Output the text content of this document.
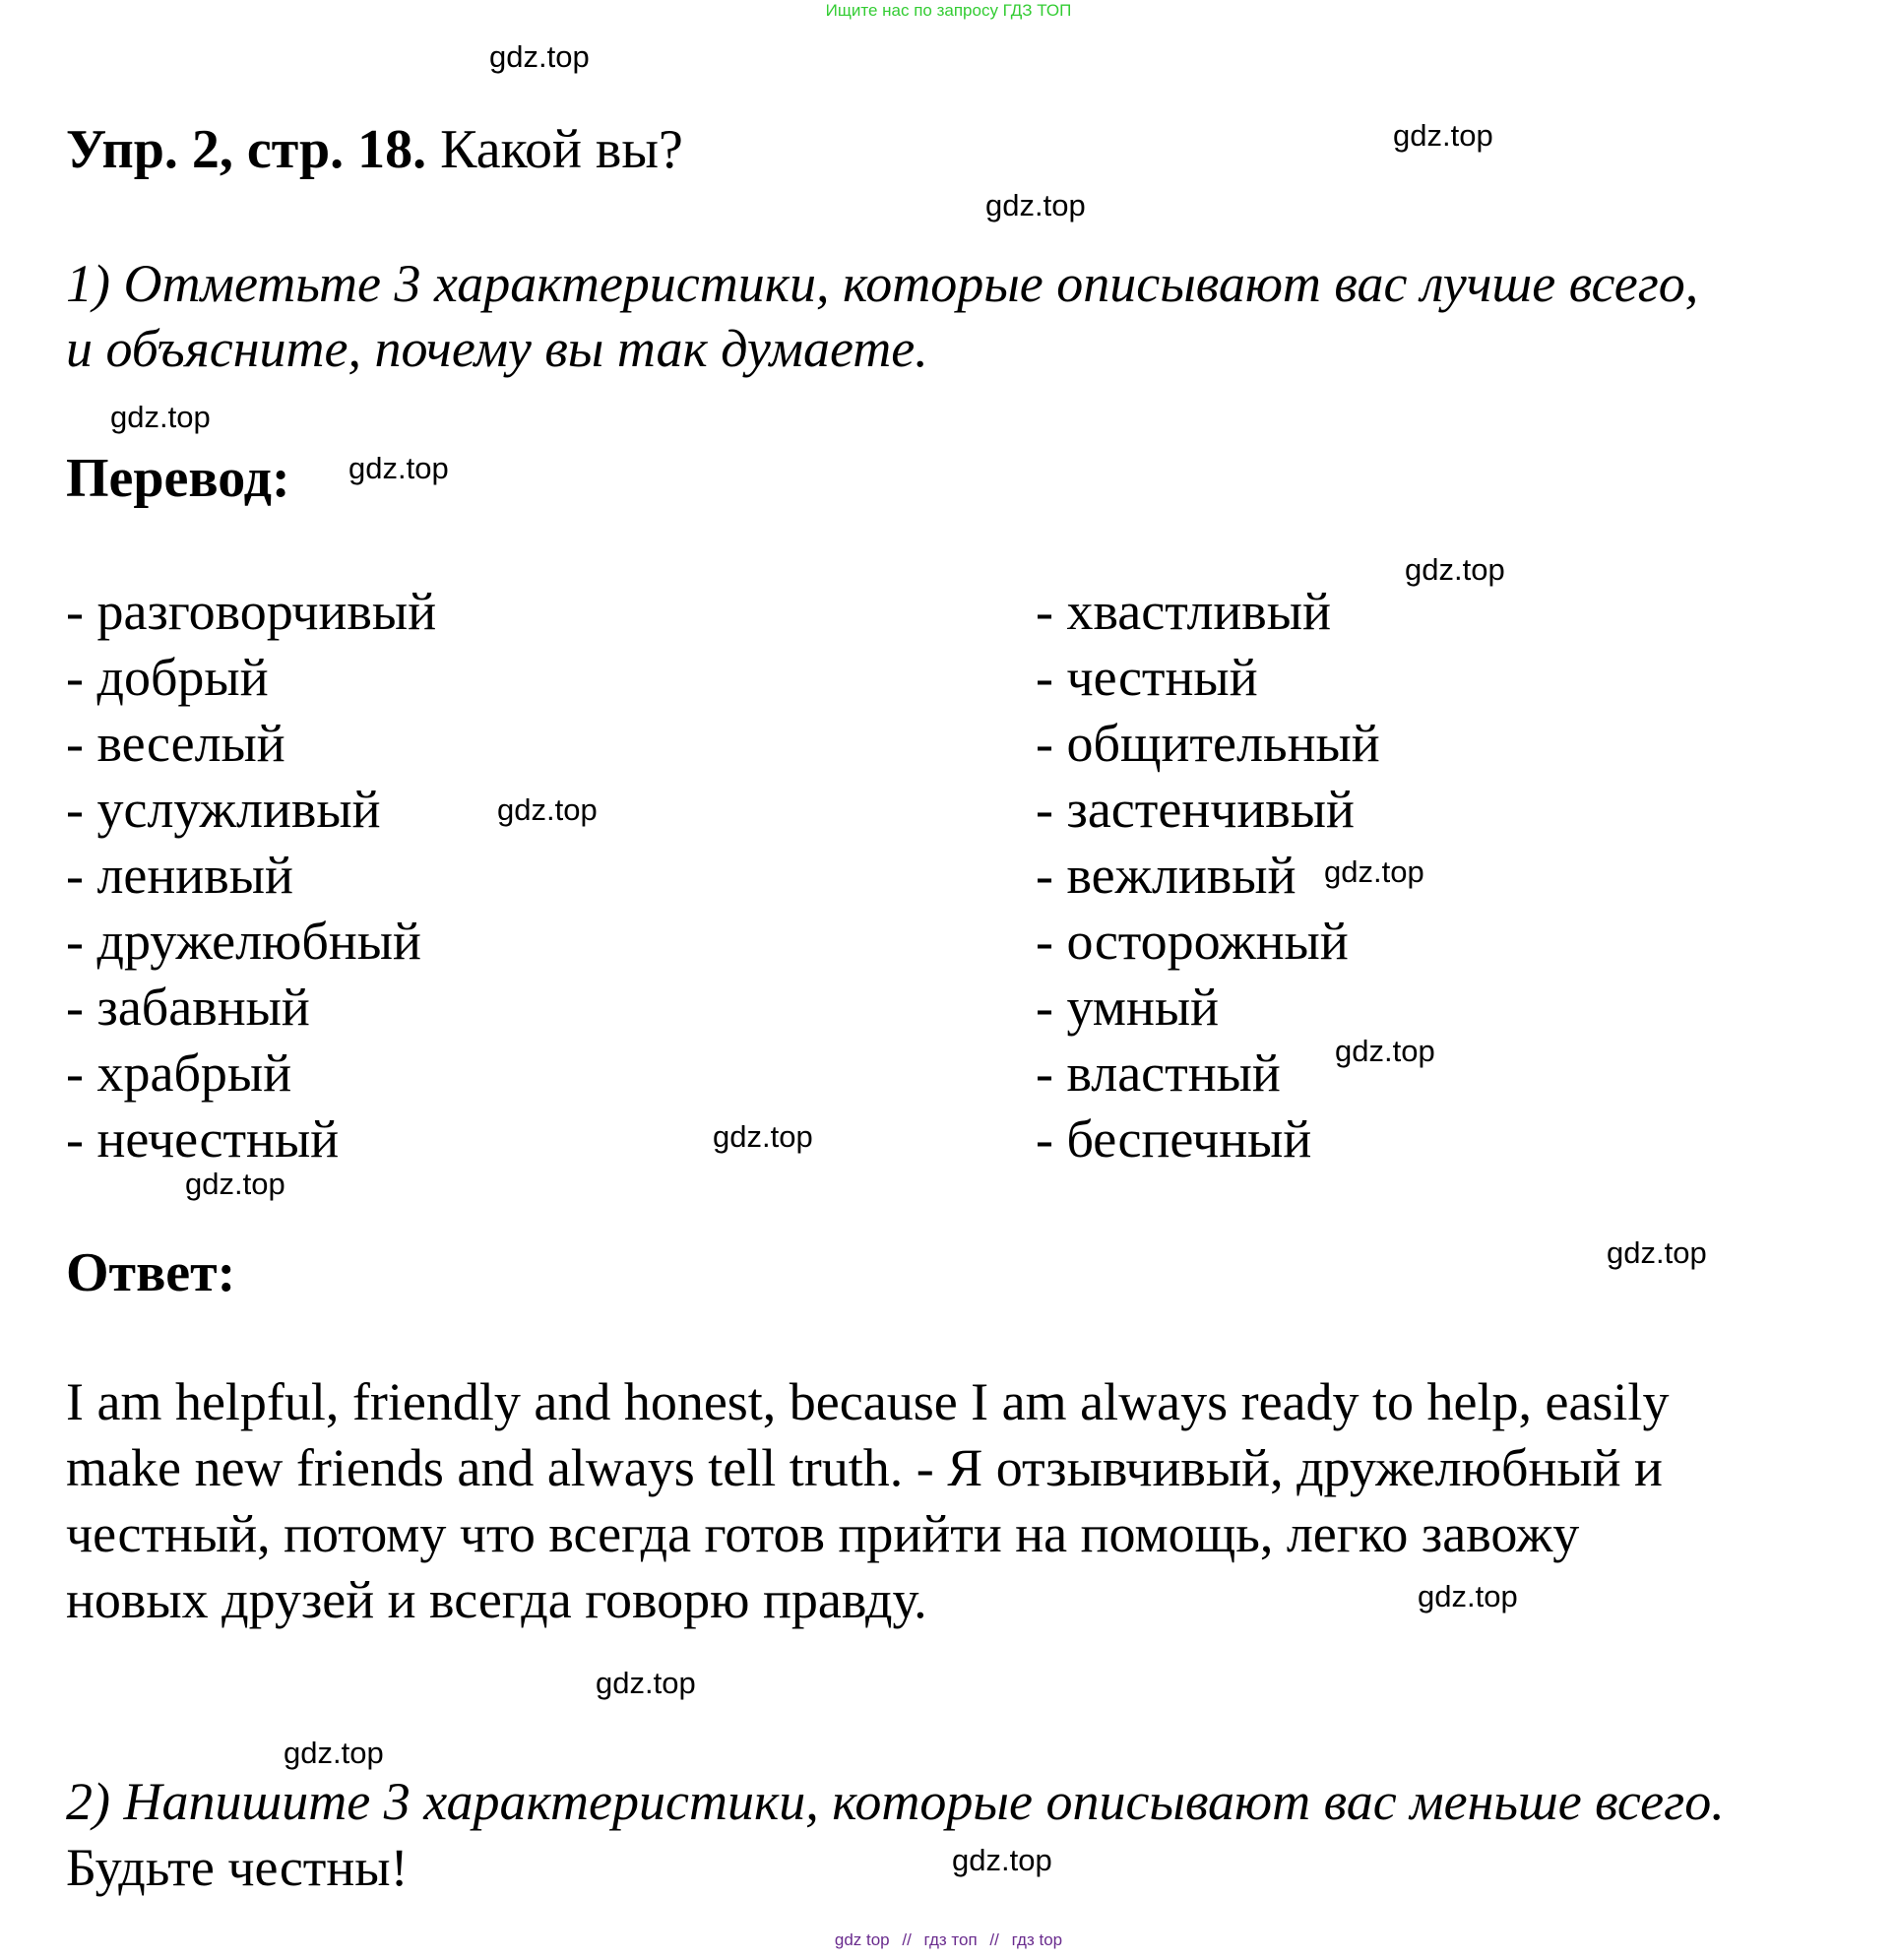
Ищите нас по запросу ГДЗ ТОП
gdz.top
gdz.top
gdz.top
gdz.top
gdz.top
gdz.top
gdz.top
gdz.top
gdz.top
gdz.top
gdz.top
gdz.top
gdz.top
gdz.top
gdz.top
gdz.top
Упр. 2, стр. 18. Какой вы?
1) Отметьте 3 характеристики, которые описывают вас лучше всего,
и объясните, почему вы так думаете.
Перевод:
- разговорчивый
- добрый
- веселый
- услужливый
- ленивый
- дружелюбный
- забавный
- храбрый
- нечестный
- хвастливый
- честный
- общительный
- застенчивый
- вежливый
- осторожный
- умный
- властный
- беспечный
Ответ:
I am helpful, friendly and honest, because I am always ready to help, easily
make new friends and always tell truth. - Я отзывчивый, дружелюбный и
честный, потому что всегда готов прийти на помощь, легко завожу
новых друзей и всегда говорю правду.
2) Напишите 3 характеристики, которые описывают вас меньше всего.
Будьте честны!
gdz top // гдз топ // гдз top
